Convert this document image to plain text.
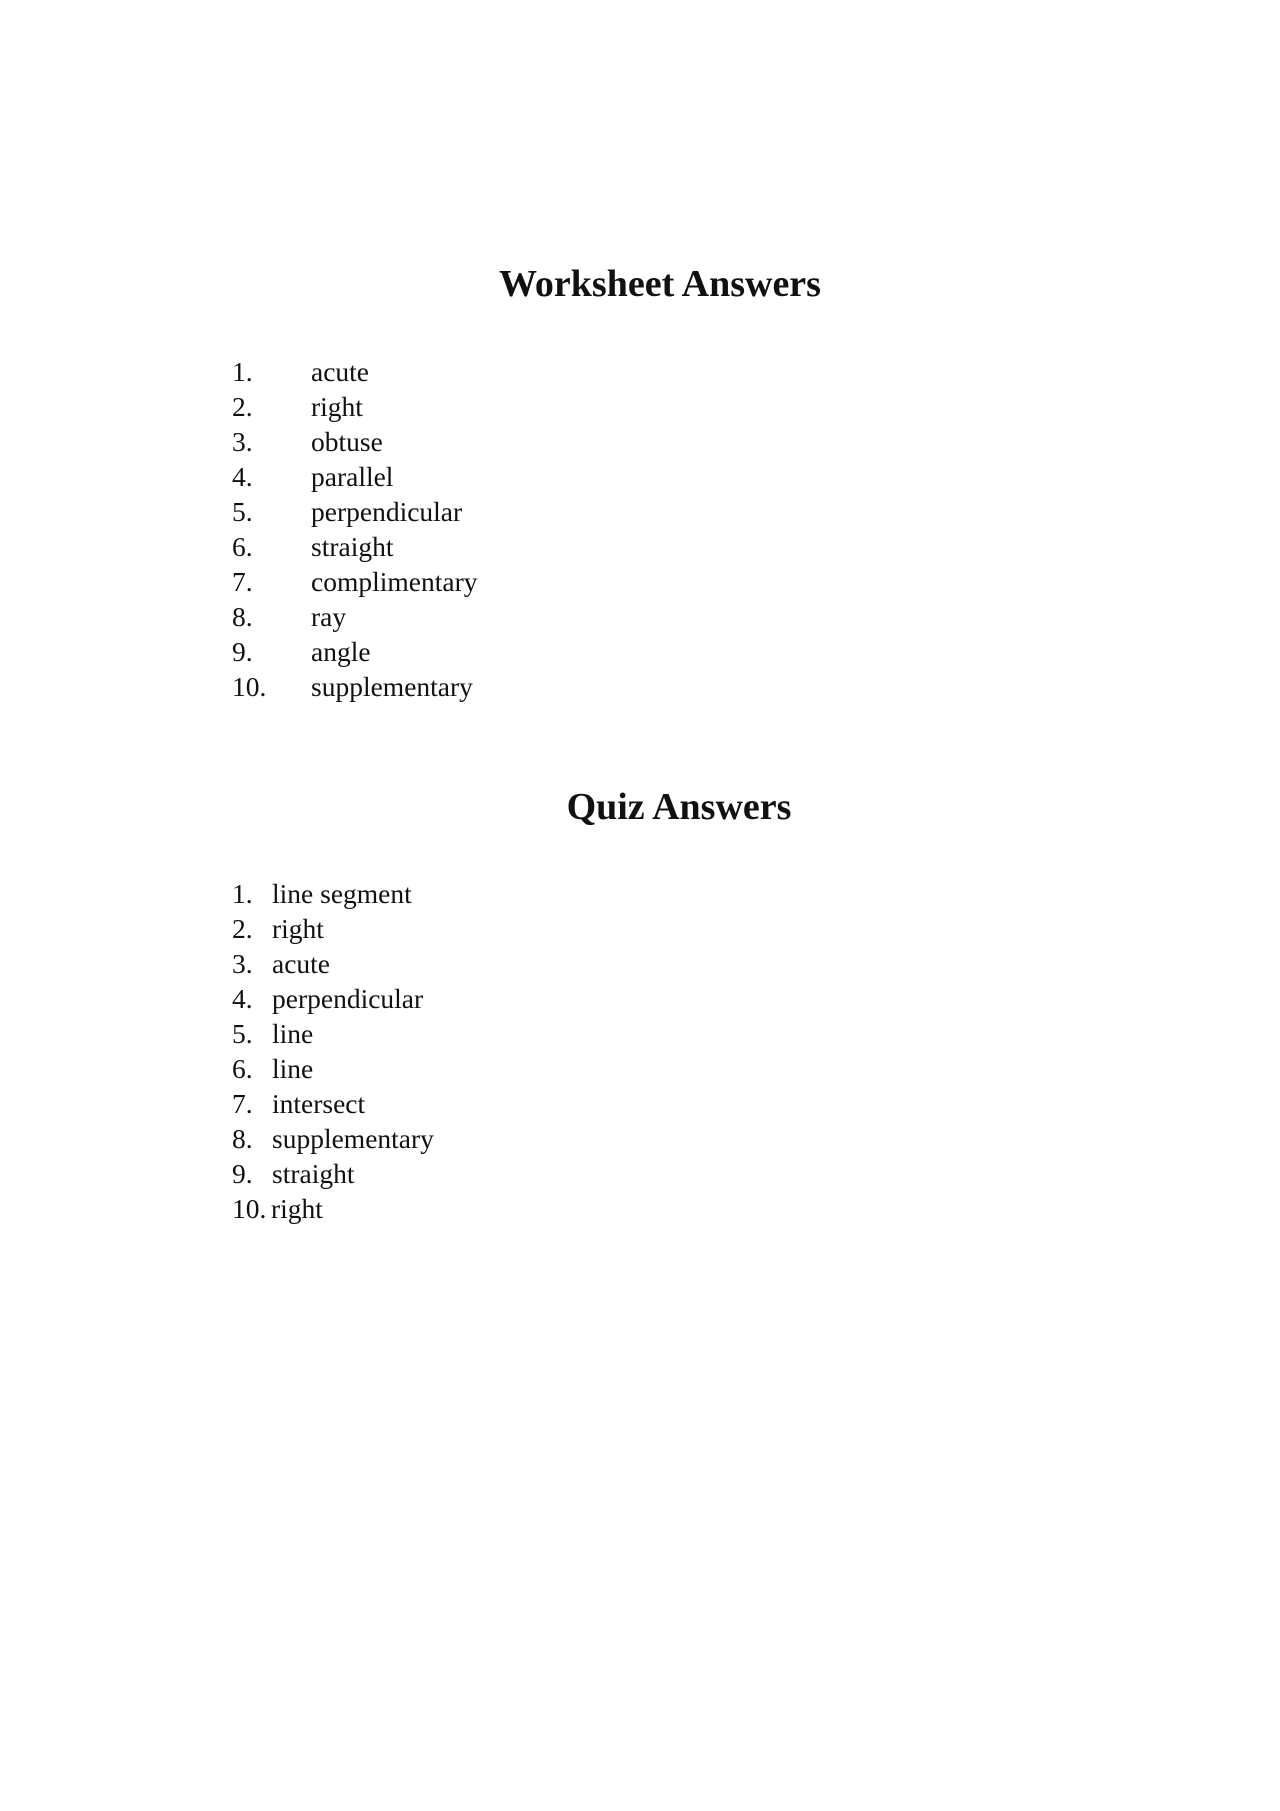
Worksheet Answers
1. acute
2. right
3. obtuse
4. parallel
5. perpendicular
6. straight
7. complimentary
8. ray
9. angle
10. supplementary
Quiz Answers
1. line segment
2. right
3. acute
4. perpendicular
5. line
6. line
7. intersect
8. supplementary
9. straight
10. right
